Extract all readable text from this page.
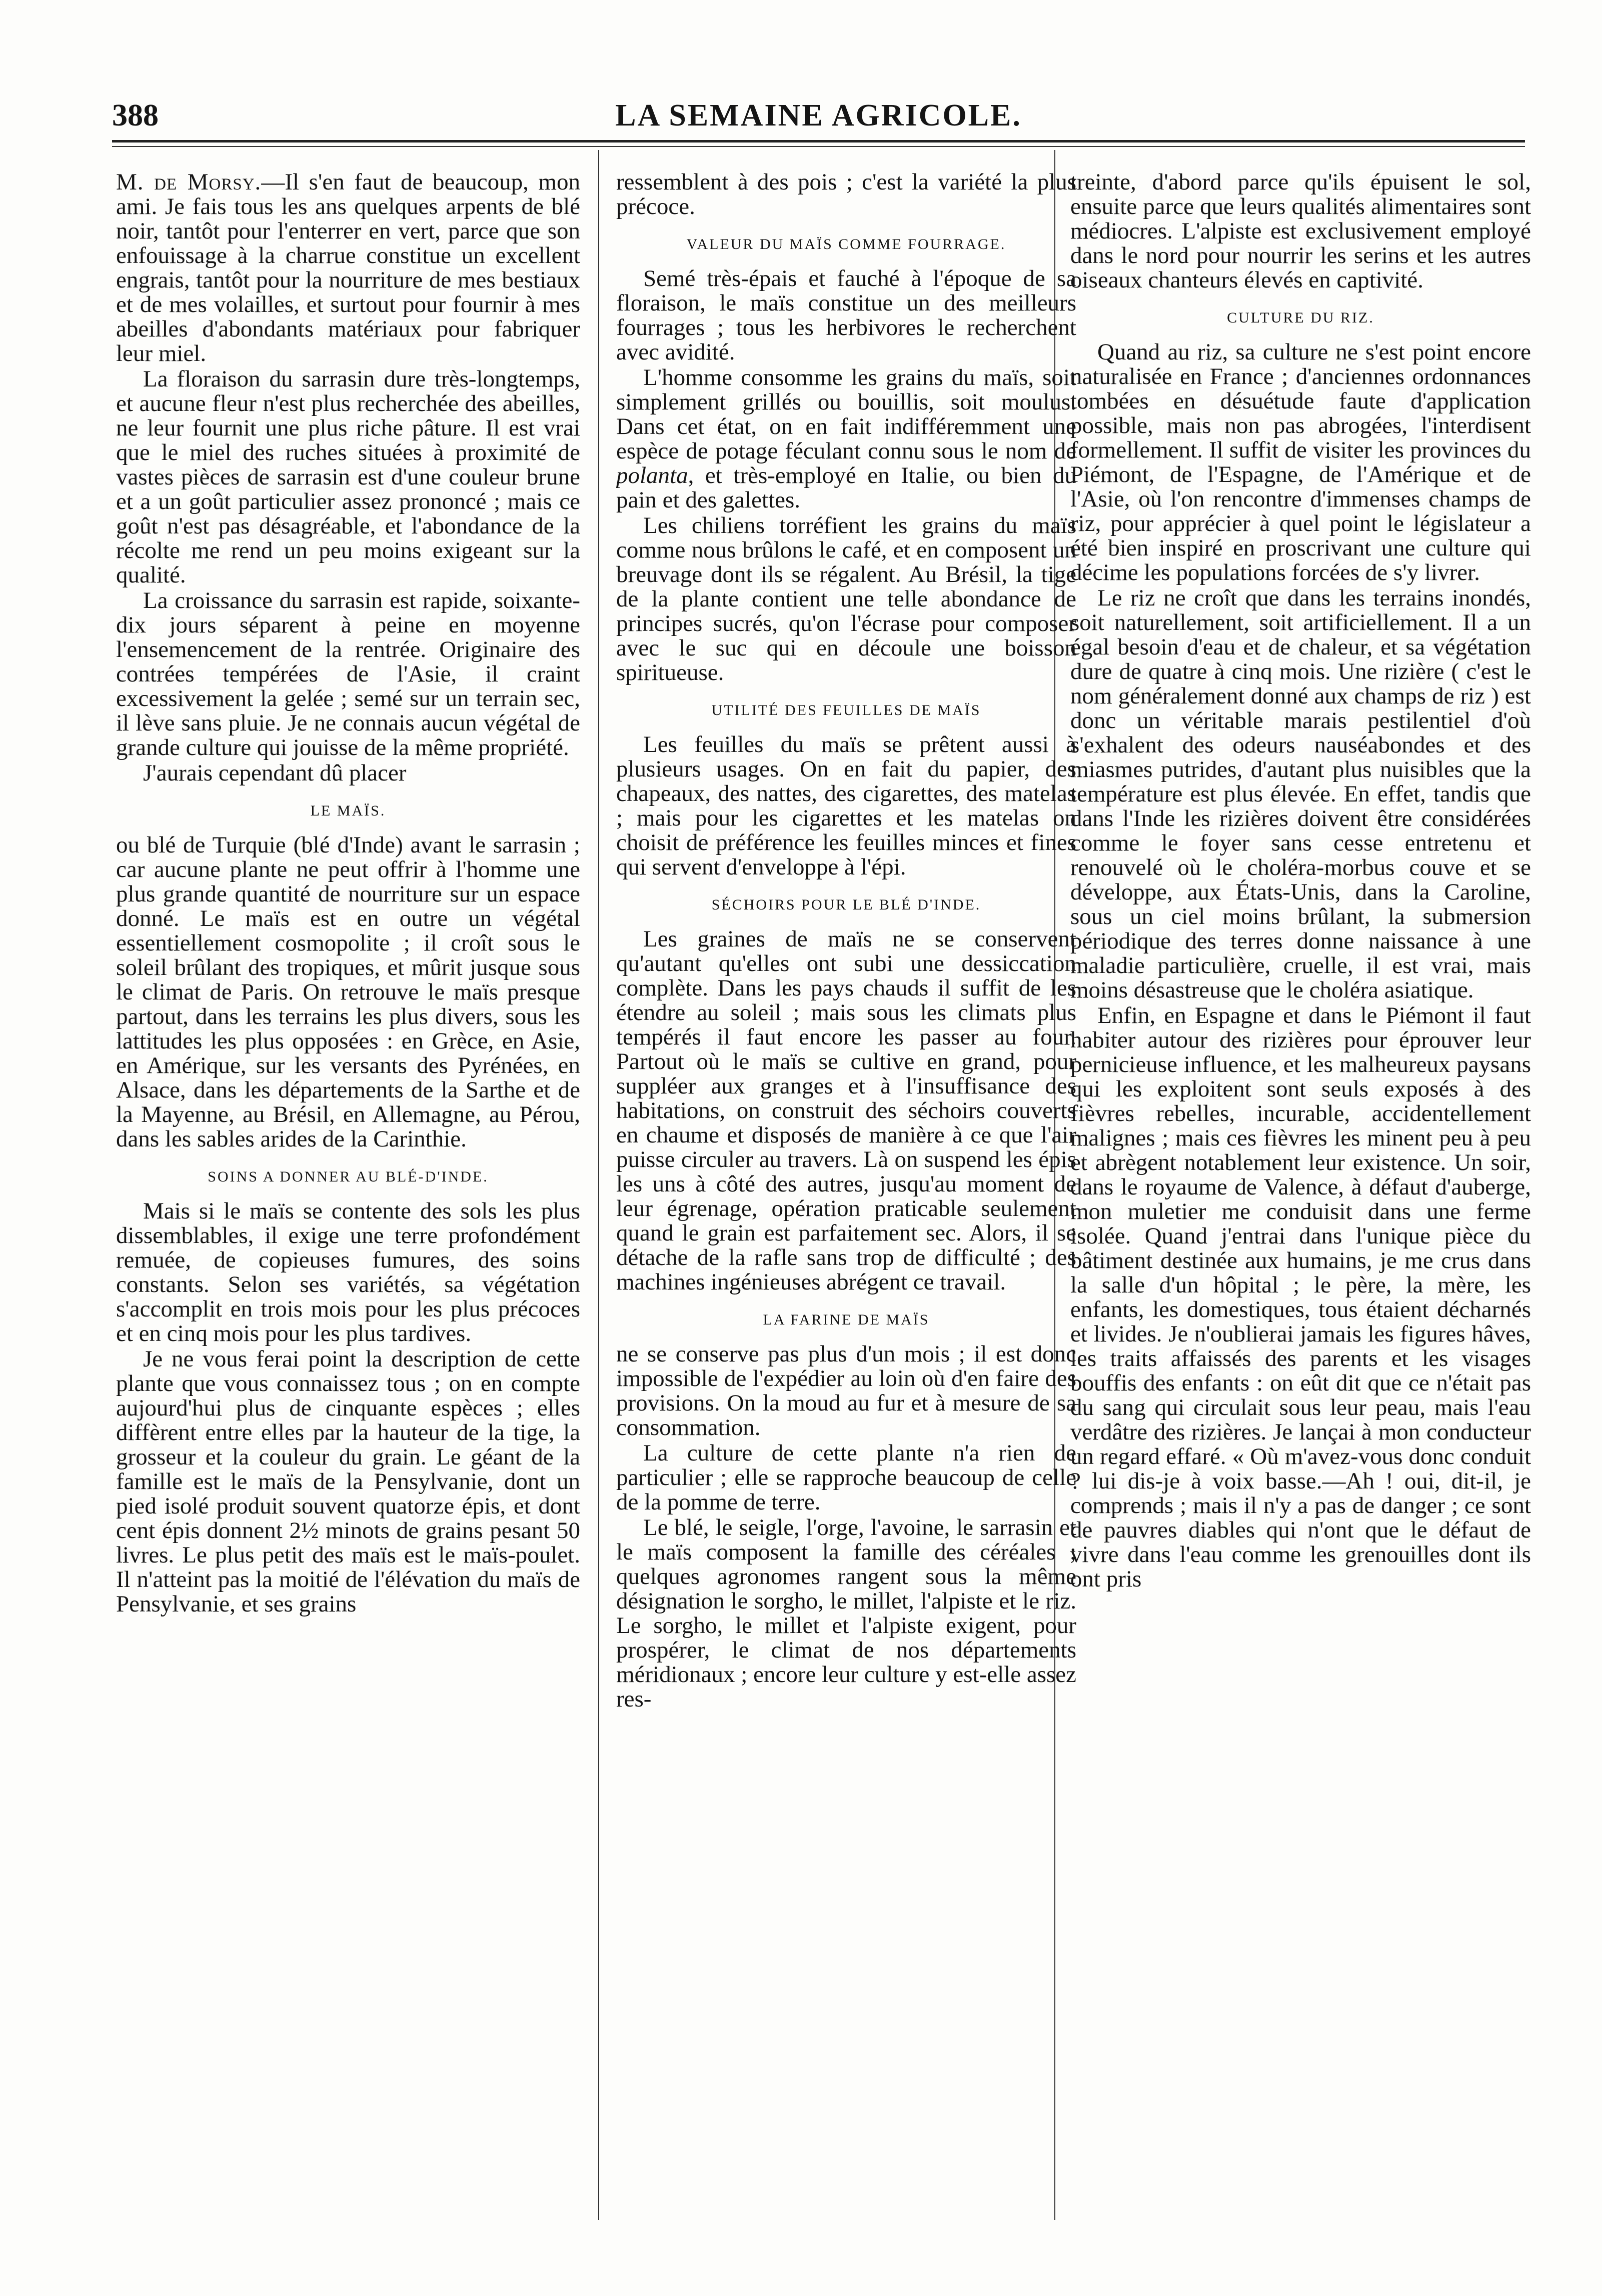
388	LA SEMAINE AGRICOLE.

M. de Morsy.—Il s'en faut de beaucoup, mon ami. Je fais tous les ans quelques arpents de blé noir, tantôt pour l'enterrer en vert, parce que son enfouissage à la charrue constitue un excellent engrais, tantôt pour la nourriture de mes bestiaux et de mes volailles, et surtout pour fournir à mes abeilles d'abondants matériaux pour fabriquer leur miel.

La floraison du sarrasin dure très-longtemps, et aucune fleur n'est plus recherchée des abeilles, ne leur fournit une plus riche pâture. Il est vrai que le miel des ruches situées à proximité de vastes pièces de sarrasin est d'une couleur brune et a un goût particulier assez prononcé ; mais ce goût n'est pas désagréable, et l'abondance de la récolte me rend un peu moins exigeant sur la qualité.

La croissance du sarrasin est rapide, soixante-dix jours séparent à peine en moyenne l'ensemencement de la rentrée. Originaire des contrées tempérées de l'Asie, il craint excessivement la gelée ; semé sur un terrain sec, il lève sans pluie. Je ne connais aucun végétal de grande culture qui jouisse de la même propriété.

J'aurais cependant dû placer

LE MAÏS.

ou blé de Turquie (blé d'Inde) avant le sarrasin ; car aucune plante ne peut offrir à l'homme une plus grande quantité de nourriture sur un espace donné. Le maïs est en outre un végétal essentiellement cosmopolite ; il croît sous le soleil brûlant des tropiques, et mûrit jusque sous le climat de Paris. On retrouve le maïs presque partout, dans les terrains les plus divers, sous les lattitudes les plus opposées : en Grèce, en Asie, en Amérique, sur les versants des Pyrénées, en Alsace, dans les départements de la Sarthe et de la Mayenne, au Brésil, en Allemagne, au Pérou, dans les sables arides de la Carinthie.

SOINS A DONNER AU BLÉ-D'INDE.

Mais si le maïs se contente des sols les plus dissemblables, il exige une terre profondément remuée, de copieuses fumures, des soins constants. Selon ses variétés, sa végétation s'accomplit en trois mois pour les plus précoces et en cinq mois pour les plus tardives.

Je ne vous ferai point la description de cette plante que vous connaissez tous ; on en compte aujourd'hui plus de cinquante espèces ; elles diffèrent entre elles par la hauteur de la tige, la grosseur et la couleur du grain. Le géant de la famille est le maïs de la Pensylvanie, dont un pied isolé produit souvent quatorze épis, et dont cent épis donnent 2½ minots de grains pesant 50 livres. Le plus petit des maïs est le maïs-poulet. Il n'atteint pas la moitié de l'élévation du maïs de Pensylvanie, et ses grains

ressemblent à des pois ; c'est la variété la plus précoce.

VALEUR DU MAÏS COMME FOURRAGE.

Semé très-épais et fauché à l'époque de sa floraison, le maïs constitue un des meilleurs fourrages ; tous les herbivores le recherchent avec avidité.

L'homme consomme les grains du maïs, soit simplement grillés ou bouillis, soit moulus. Dans cet état, on en fait indifféremment une espèce de potage féculant connu sous le nom de polanta, et très-employé en Italie, ou bien du pain et des galettes.

Les chiliens torréfient les grains du maïs comme nous brûlons le café, et en composent un breuvage dont ils se régalent. Au Brésil, la tige de la plante contient une telle abondance de principes sucrés, qu'on l'écrase pour composer avec le suc qui en découle une boisson spiritueuse.

UTILITÉ DES FEUILLES DE MAÏS

Les feuilles du maïs se prêtent aussi à plusieurs usages. On en fait du papier, des chapeaux, des nattes, des cigarettes, des matelas ; mais pour les cigarettes et les matelas on choisit de préférence les feuilles minces et fines qui servent d'enveloppe à l'épi.

SÉCHOIRS POUR LE BLÉ D'INDE.

Les graines de maïs ne se conservent qu'autant qu'elles ont subi une dessiccation complète. Dans les pays chauds il suffit de les étendre au soleil ; mais sous les climats plus tempérés il faut encore les passer au four. Partout où le maïs se cultive en grand, pour suppléer aux granges et à l'insuffisance des habitations, on construit des séchoirs couverts en chaume et disposés de manière à ce que l'air puisse circuler au travers. Là on suspend les épis les uns à côté des autres, jusqu'au moment de leur égrenage, opération praticable seulement quand le grain est parfaitement sec. Alors, il se détache de la rafle sans trop de difficulté ; des machines ingénieuses abrégent ce travail.

LA FARINE DE MAÏS

ne se conserve pas plus d'un mois ; il est donc impossible de l'expédier au loin où d'en faire des provisions. On la moud au fur et à mesure de sa consommation.

La culture de cette plante n'a rien de particulier ; elle se rapproche beaucoup de celle de la pomme de terre.

Le blé, le seigle, l'orge, l'avoine, le sarrasin et le maïs composent la famille des céréales ; quelques agronomes rangent sous la même désignation le sorgho, le millet, l'alpiste et le riz. Le sorgho, le millet et l'alpiste exigent, pour prospérer, le climat de nos départements méridionaux ; encore leur culture y est-elle assez res-

treinte, d'abord parce qu'ils épuisent le sol, ensuite parce que leurs qualités alimentaires sont médiocres. L'alpiste est exclusivement employé dans le nord pour nourrir les serins et les autres oiseaux chanteurs élevés en captivité.

CULTURE DU RIZ.

Quand au riz, sa culture ne s'est point encore naturalisée en France ; d'anciennes ordonnances tombées en désuétude faute d'application possible, mais non pas abrogées, l'interdisent formellement. Il suffit de visiter les provinces du Piémont, de l'Espagne, de l'Amérique et de l'Asie, où l'on rencontre d'immenses champs de riz, pour apprécier à quel point le législateur a été bien inspiré en proscrivant une culture qui décime les populations forcées de s'y livrer.

Le riz ne croît que dans les terrains inondés, soit naturellement, soit artificiellement. Il a un égal besoin d'eau et de chaleur, et sa végétation dure de quatre à cinq mois. Une rizière ( c'est le nom généralement donné aux champs de riz ) est donc un véritable marais pestilentiel d'où s'exhalent des odeurs nauséabondes et des miasmes putrides, d'autant plus nuisibles que la température est plus élevée. En effet, tandis que dans l'Inde les rizières doivent être considérées comme le foyer sans cesse entretenu et renouvelé où le choléra-morbus couve et se développe, aux États-Unis, dans la Caroline, sous un ciel moins brûlant, la submersion périodique des terres donne naissance à une maladie particulière, cruelle, il est vrai, mais moins désastreuse que le choléra asiatique.

Enfin, en Espagne et dans le Piémont il faut habiter autour des rizières pour éprouver leur pernicieuse influence, et les malheureux paysans qui les exploitent sont seuls exposés à des fièvres rebelles, incurable, accidentellement malignes ; mais ces fièvres les minent peu à peu et abrègent notablement leur existence. Un soir, dans le royaume de Valence, à défaut d'auberge, mon muletier me conduisit dans une ferme isolée. Quand j'entrai dans l'unique pièce du bâtiment destinée aux humains, je me crus dans la salle d'un hôpital ; le père, la mère, les enfants, les domestiques, tous étaient décharnés et livides. Je n'oublierai jamais les figures hâves, les traits affaissés des parents et les visages bouffis des enfants : on eût dit que ce n'était pas du sang qui circulait sous leur peau, mais l'eau verdâtre des rizières. Je lançai à mon conducteur un regard effaré. « Où m'avez-vous donc conduit ? lui dis-je à voix basse.—Ah ! oui, dit-il, je comprends ; mais il n'y a pas de danger ; ce sont de pauvres diables qui n'ont que le défaut de vivre dans l'eau comme les grenouilles dont ils ont pris
